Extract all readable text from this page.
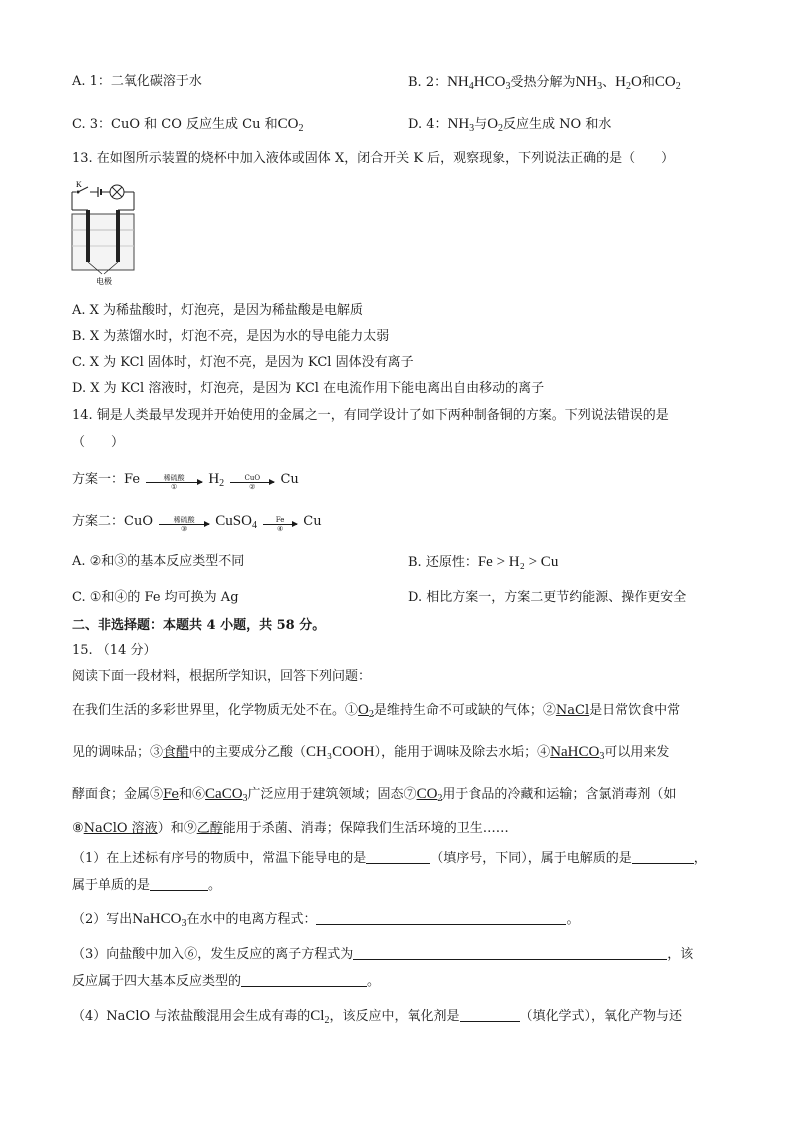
A. 1：二氧化碳溶于水	B. 2：$NH_4HCO_3$受热分解为$NH_3$、$H_2O$和$CO_2$
C. 3：CuO 和 CO 反应生成 Cu 和$CO_2$	D. 4：$NH_3$与$O_2$反应生成 NO 和水
13. 在如图所示装置的烧杯中加入液体或固体 X，闭合开关 K 后，观察现象，下列说法正确的是（　　）
K
电极
A. X 为稀盐酸时，灯泡亮，是因为稀盐酸是电解质
B. X 为蒸馏水时，灯泡不亮，是因为水的导电能力太弱
C. X 为 KCl 固体时，灯泡不亮，是因为 KCl 固体没有离子
D. X 为 KCl 溶液时，灯泡亮，是因为 KCl 在电流作用下能电离出自由移动的离子
14. 铜是人类最早发现并开始使用的金属之一，有同学设计了如下两种制备铜的方案。下列说法错误的是
（　　）
方案一：Fe	稀硫酸
① $H_2$	CuO
② Cu
方案二：CuO	稀硫酸
③ CuSO$_4$	Fe
④ Cu
A. ②和③的基本反应类型不同	B. 还原性：Fe > H₂ > Cu
C. ①和④的 Fe 均可换为 Ag	D. 相比方案一，方案二更节约能源、操作更安全
二、非选择题：本题共 4 小题，共 58 分。
15. （14 分）
阅读下面一段材料，根据所学知识，回答下列问题：
在我们生活的多彩世界里，化学物质无处不在。$①O_2$是维持生命不可或缺的气体；②NaCl是日常饮食中常
见的调味品；③食醋中的主要成分乙酸（CH₃COOH），能用于调味及除去水垢；④NaHCO$_3$可以用来发
酵面食；金属⑤Fe和⑥CaCO$_3$广泛应用于建筑领域；固态$⑦CO_2$用于食品的冷藏和运输；含氯消毒剂（如
⑧NaClO 溶液）和⑨乙醇能用于杀菌、消毒；保障我们生活环境的卫生……
（1）在上述标有序号的物质中，常温下能导电的是	（填序号，下同），属于电解质的是	，
属于单质的是	。
（2）写出NaHCO$_3$在水中的电离方程式：	。
（3）向盐酸中加入⑥，发生反应的离子方程式为	，该
反应属于四大基本反应类型的	。
（4）NaClO 与浓盐酸混用会生成有毒的$Cl_2$，该反应中，氧化剂是	（填化学式），氧化产物与还
